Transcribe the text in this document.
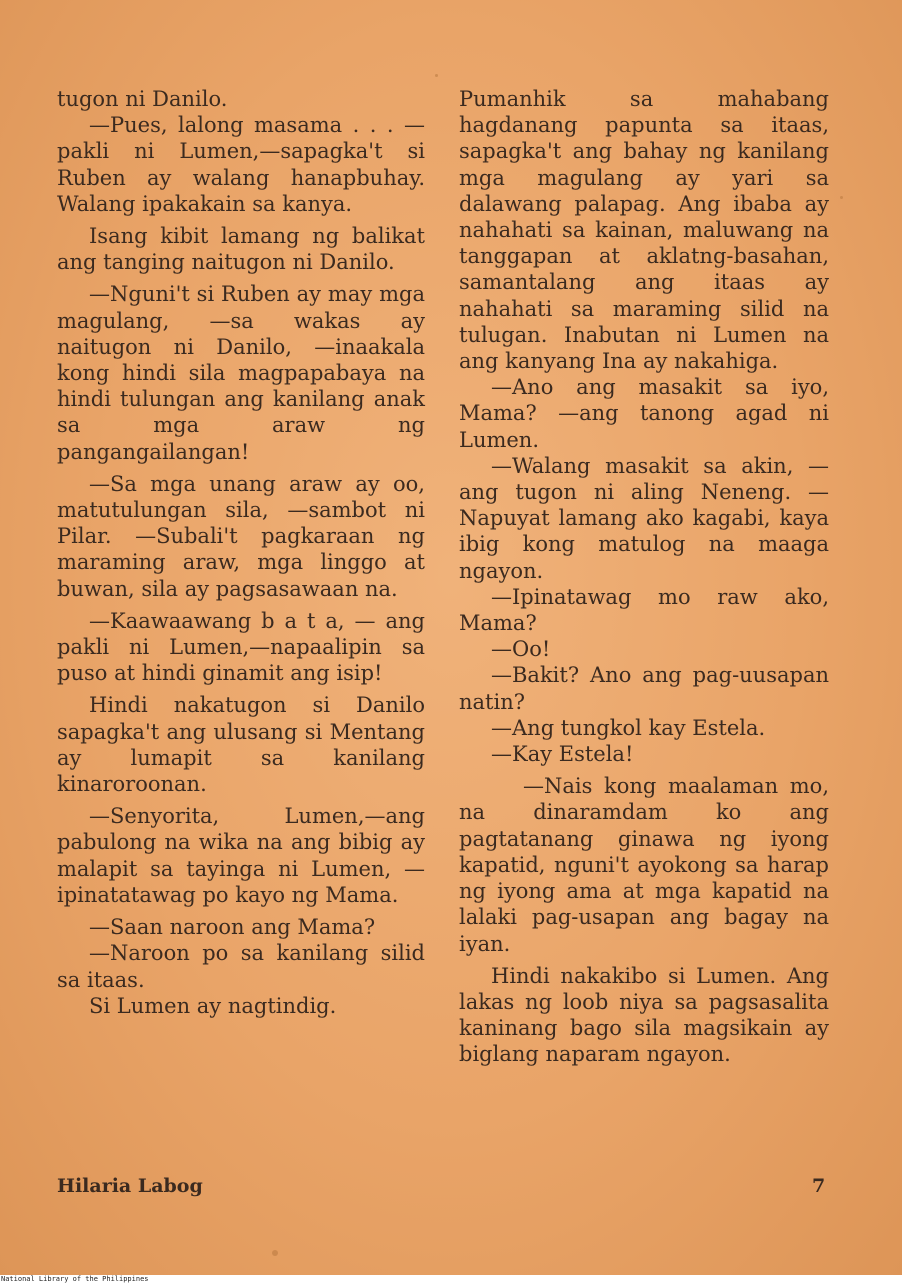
tugon ni Danilo.

—Pues, lalong masama . . . —pakli ni Lumen,—sapagka't si Ruben ay walang hanapbuhay. Walang ipakakain sa kanya.

Isang kibit lamang ng balikat ang tanging naitugon ni Danilo.

—Nguni't si Ruben ay may mga magulang, —sa wakas ay naitugon ni Danilo, —inaakala kong hindi sila magpapabaya na hindi tulungan ang kanilang anak sa mga araw ng pangangailangan!

—Sa mga unang araw ay oo, matutulungan sila, —sambot ni Pilar. —Subali't pagkaraan ng maraming araw, mga linggo at buwan, sila ay pagsasawaan na.

—Kaawaawang b a t a, — ang pakli ni Lumen,—napaalipin sa puso at hindi ginamit ang isip!

Hindi nakatugon si Danilo sapagka't ang ulusang si Mentang ay lumapit sa kanilang kinaroroonan.

—Senyorita, Lumen,—ang pabulong na wika na ang bibig ay malapit sa tayinga ni Lumen, — ipinatatawag po kayo ng Mama.

—Saan naroon ang Mama?

—Naroon po sa kanilang silid sa itaas.

Si Lumen ay nagtindig.

Pumanhik sa mahabang hagdanang papunta sa itaas, sapagka't ang bahay ng kanilang mga magulang ay yari sa dalawang palapag. Ang ibaba ay nahahati sa kainan, maluwang na tanggapan at aklatng-basahan, samantalang ang itaas ay nahahati sa maraming silid na tulugan. Inabutan ni Lumen na ang kanyang Ina ay nakahiga.

—Ano ang masakit sa iyo, Mama? —ang tanong agad ni Lumen.

—Walang masakit sa akin, —ang tugon ni aling Neneng. —Napuyat lamang ako kagabi, kaya ibig kong matulog na maaga ngayon.

—Ipinatawag mo raw ako, Mama?

—Oo!

—Bakit? Ano ang pag-uusapan natin?

—Ang tungkol kay Estela.

—Kay Estela!

—Nais kong maalaman mo, na dinaramdam ko ang pagtatanang ginawa ng iyong kapatid, nguni't ayokong sa harap ng iyong ama at mga kapatid na lalaki pag-usapan ang bagay na iyan.

Hindi nakakibo si Lumen. Ang lakas ng loob niya sa pagsasalita kaninang bago sila magsikain ay biglang naparam ngayon.

Hilaria Labog	7
National Library of the Philippines
